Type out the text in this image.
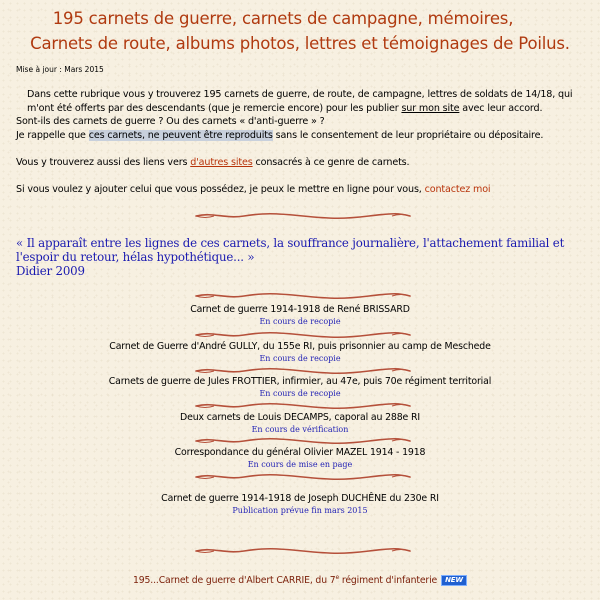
195 carnets de guerre, carnets de campagne, mémoires,
Carnets de route, albums photos, lettres et témoignages de Poilus.
Mise à jour : Mars 2015

Dans cette rubrique vous y trouverez 195 carnets de guerre, de route, de campagne, lettres de soldats de 14/18, qui m'ont été offerts par des descendants (que je remercie encore) pour les publier sur mon site avec leur accord.

Sont-ils des carnets de guerre ? Ou des carnets « d'anti-guerre » ?

Je rappelle que ces carnets, ne peuvent être reproduits sans le consentement de leur propriétaire ou dépositaire.

Vous y trouverez aussi des liens vers d'autres sites consacrés à ce genre de carnets.

Si vous voulez y ajouter celui que vous possédez, je peux le mettre en ligne pour vous, contactez moi

« Il apparaît entre les lignes de ces carnets, la souffrance journalière, l'attachement familial et l'espoir du retour, hélas hypothétique... »
Didier 2009
Carnet de guerre 1914-1918 de René BRISSARD
En cours de recopie
Carnet de Guerre d'André GULLY, du 155e RI, puis prisonnier au camp de Meschede
En cours de recopie
Carnets de guerre de Jules FROTTIER, infirmier, au 47e, puis 70e régiment territorial
En cours de recopie
Deux carnets de Louis DECAMPS, caporal au 288e RI
En cours de vérification
Correspondance du général Olivier MAZEL 1914 - 1918
En cours de mise en page
Carnet de guerre 1914-1918 de Joseph DUCHÊNE du 230e RI
Publication prévue fin mars 2015
195...Carnet de guerre d'Albert CARRIE, du 7e régiment d'infanterie NEW
